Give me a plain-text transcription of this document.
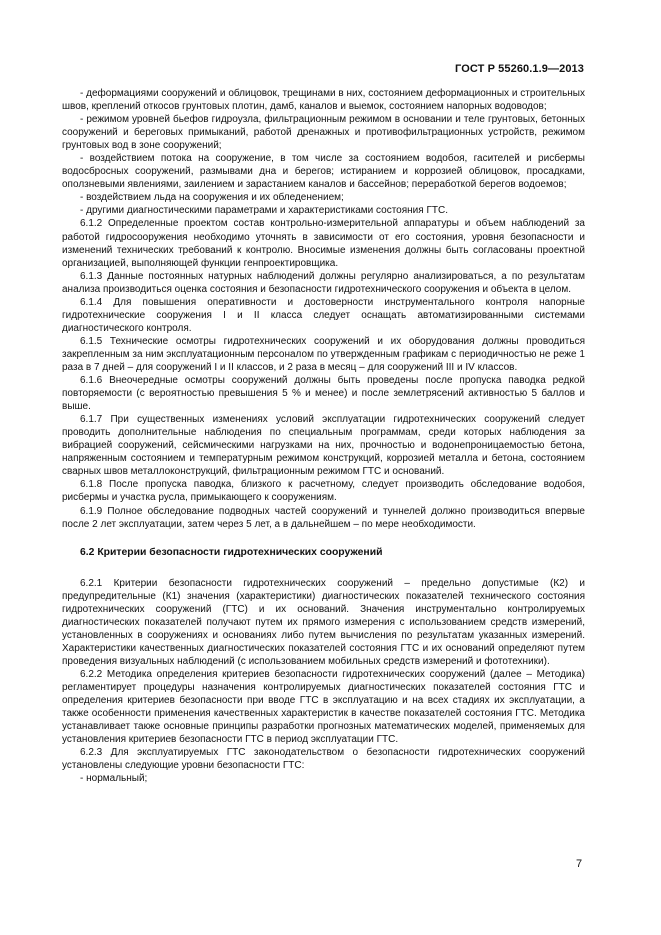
ГОСТ Р 55260.1.9—2013

- деформациями сооружений и облицовок, трещинами в них, состоянием деформационных и строительных швов, креплений откосов грунтовых плотин, дамб, каналов и выемок, состоянием напорных водоводов;

- режимом уровней бьефов гидроузла, фильтрационным режимом в основании и теле грунтовых, бетонных сооружений и береговых примыканий, работой дренажных и противофильтрационных устройств, режимом грунтовых вод в зоне сооружений;

- воздействием потока на сооружение, в том числе за состоянием водобоя, гасителей и рисбермы водосбросных сооружений, размывами дна и берегов; истиранием и коррозией облицовок, просадками, оползневыми явлениями, заилением и зарастанием каналов и бассейнов; переработкой берегов водоемов;

- воздействием льда на сооружения и их обледенением;

- другими диагностическими параметрами и характеристиками состояния ГТС.

6.1.2 Определенные проектом состав контрольно-измерительной аппаратуры и объем наблюдений за работой гидросооружения необходимо уточнять в зависимости от его состояния, уровня безопасности и изменений технических требований к контролю. Вносимые изменения должны быть согласованы проектной организацией, выполняющей функции генпроектировщика.

6.1.3 Данные постоянных натурных наблюдений должны регулярно анализироваться, а по результатам анализа производиться оценка состояния и безопасности гидротехнического сооружения и объекта в целом.

6.1.4 Для повышения оперативности и достоверности инструментального контроля напорные гидротехнические сооружения I и II класса следует оснащать автоматизированными системами диагностического контроля.

6.1.5 Технические осмотры гидротехнических сооружений и их оборудования должны проводиться закрепленным за ним эксплуатационным персоналом по утвержденным графикам с периодичностью не реже 1 раза в 7 дней – для сооружений I и II классов, и 2 раза в месяц – для сооружений III и IV классов.

6.1.6 Внеочередные осмотры сооружений должны быть проведены после пропуска паводка редкой повторяемости (с вероятностью превышения 5 % и менее) и после землетрясений активностью 5 баллов и выше.

6.1.7 При существенных изменениях условий эксплуатации гидротехнических сооружений следует проводить дополнительные наблюдения по специальным программам, среди которых наблюдения за вибрацией сооружений, сейсмическими нагрузками на них, прочностью и водонепроницаемостью бетона, напряженным состоянием и температурным режимом конструкций, коррозией металла и бетона, состоянием сварных швов металлоконструкций, фильтрационным режимом ГТС и оснований.

6.1.8 После пропуска паводка, близкого к расчетному, следует производить обследование водобоя, рисбермы и участка русла, примыкающего к сооружениям.

6.1.9 Полное обследование подводных частей сооружений и туннелей должно производиться впервые после 2 лет эксплуатации, затем через 5 лет, а в дальнейшем – по мере необходимости.

6.2 Критерии безопасности гидротехнических сооружений

6.2.1 Критерии безопасности гидротехнических сооружений – предельно допустимые (К2) и предупредительные (К1) значения (характеристики) диагностических показателей технического состояния гидротехнических сооружений (ГТС) и их оснований. Значения инструментально контролируемых диагностических показателей получают путем их прямого измерения с использованием средств измерений, установленных в сооружениях и основаниях либо путем вычисления по результатам указанных измерений. Характеристики качественных диагностических показателей состояния ГТС и их оснований определяют путем проведения визуальных наблюдений (с использованием мобильных средств измерений и фототехники).

6.2.2 Методика определения критериев безопасности гидротехнических сооружений (далее – Методика) регламентирует процедуры назначения контролируемых диагностических показателей состояния ГТС и определения критериев безопасности при вводе ГТС в эксплуатацию и на всех стадиях их эксплуатации, а также особенности применения качественных характеристик в качестве показателей состояния ГТС. Методика устанавливает также основные принципы разработки прогнозных математических моделей, применяемых для установления критериев безопасности ГТС в период эксплуатации ГТС.

6.2.3 Для эксплуатируемых ГТС законодательством о безопасности гидротехнических сооружений установлены следующие уровни безопасности ГТС:

- нормальный;

7
